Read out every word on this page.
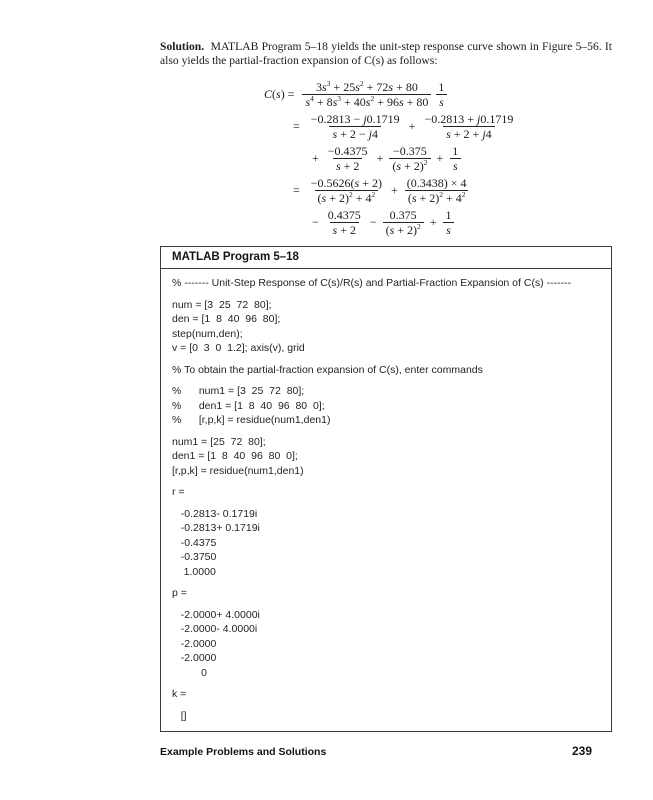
Solution. MATLAB Program 5–18 yields the unit-step response curve shown in Figure 5–56. It
also yields the partial-fraction expansion of C(s) as follows:
$C(s) = \frac{3s^3 + 25s^2 + 72s + 80}{s^4 + 8s^3 + 40s^2 + 96s + 80} \frac{1}{s}$
= $\frac{-0.2813 - j0.1719}{s + 2 - j4} + \frac{-0.2813 + j0.1719}{s + 2 + j4}$
+ $\frac{-0.4375}{s + 2} + \frac{-0.375}{(s + 2)^2} + \frac{1}{s}$
= $\frac{-0.5626(s + 2)}{(s + 2)^2 + 4^2} + \frac{(0.3438) \times 4}{(s + 2)^2 + 4^2}$
− $\frac{0.4375}{s + 2} - \frac{0.375}{(s + 2)^2} + \frac{1}{s}$
MATLAB Program 5–18
% ------- Unit-Step Response of C(s)/R(s) and Partial-Fraction Expansion of C(s) -------
num = [3  25  72  80];
den = [1  8  40  96  80];
step(num,den);
v = [0  3  0  1.2]; axis(v), grid
% To obtain the partial-fraction expansion of C(s), enter commands
%      num1 = [3  25  72  80];
%      den1 = [1  8  40  96  80  0];
%      [r,p,k] = residue(num1,den1)
num1 = [25  72  80];
den1 = [1  8  40  96  80  0];
[r,p,k] = residue(num1,den1)
r =
-0.2813- 0.1719i
-0.2813+ 0.1719i
-0.4375
-0.3750
1.0000
p =
-2.0000+ 4.0000i
-2.0000- 4.0000i
-2.0000
-2.0000
0
k =
[]
Example Problems and Solutions	239
